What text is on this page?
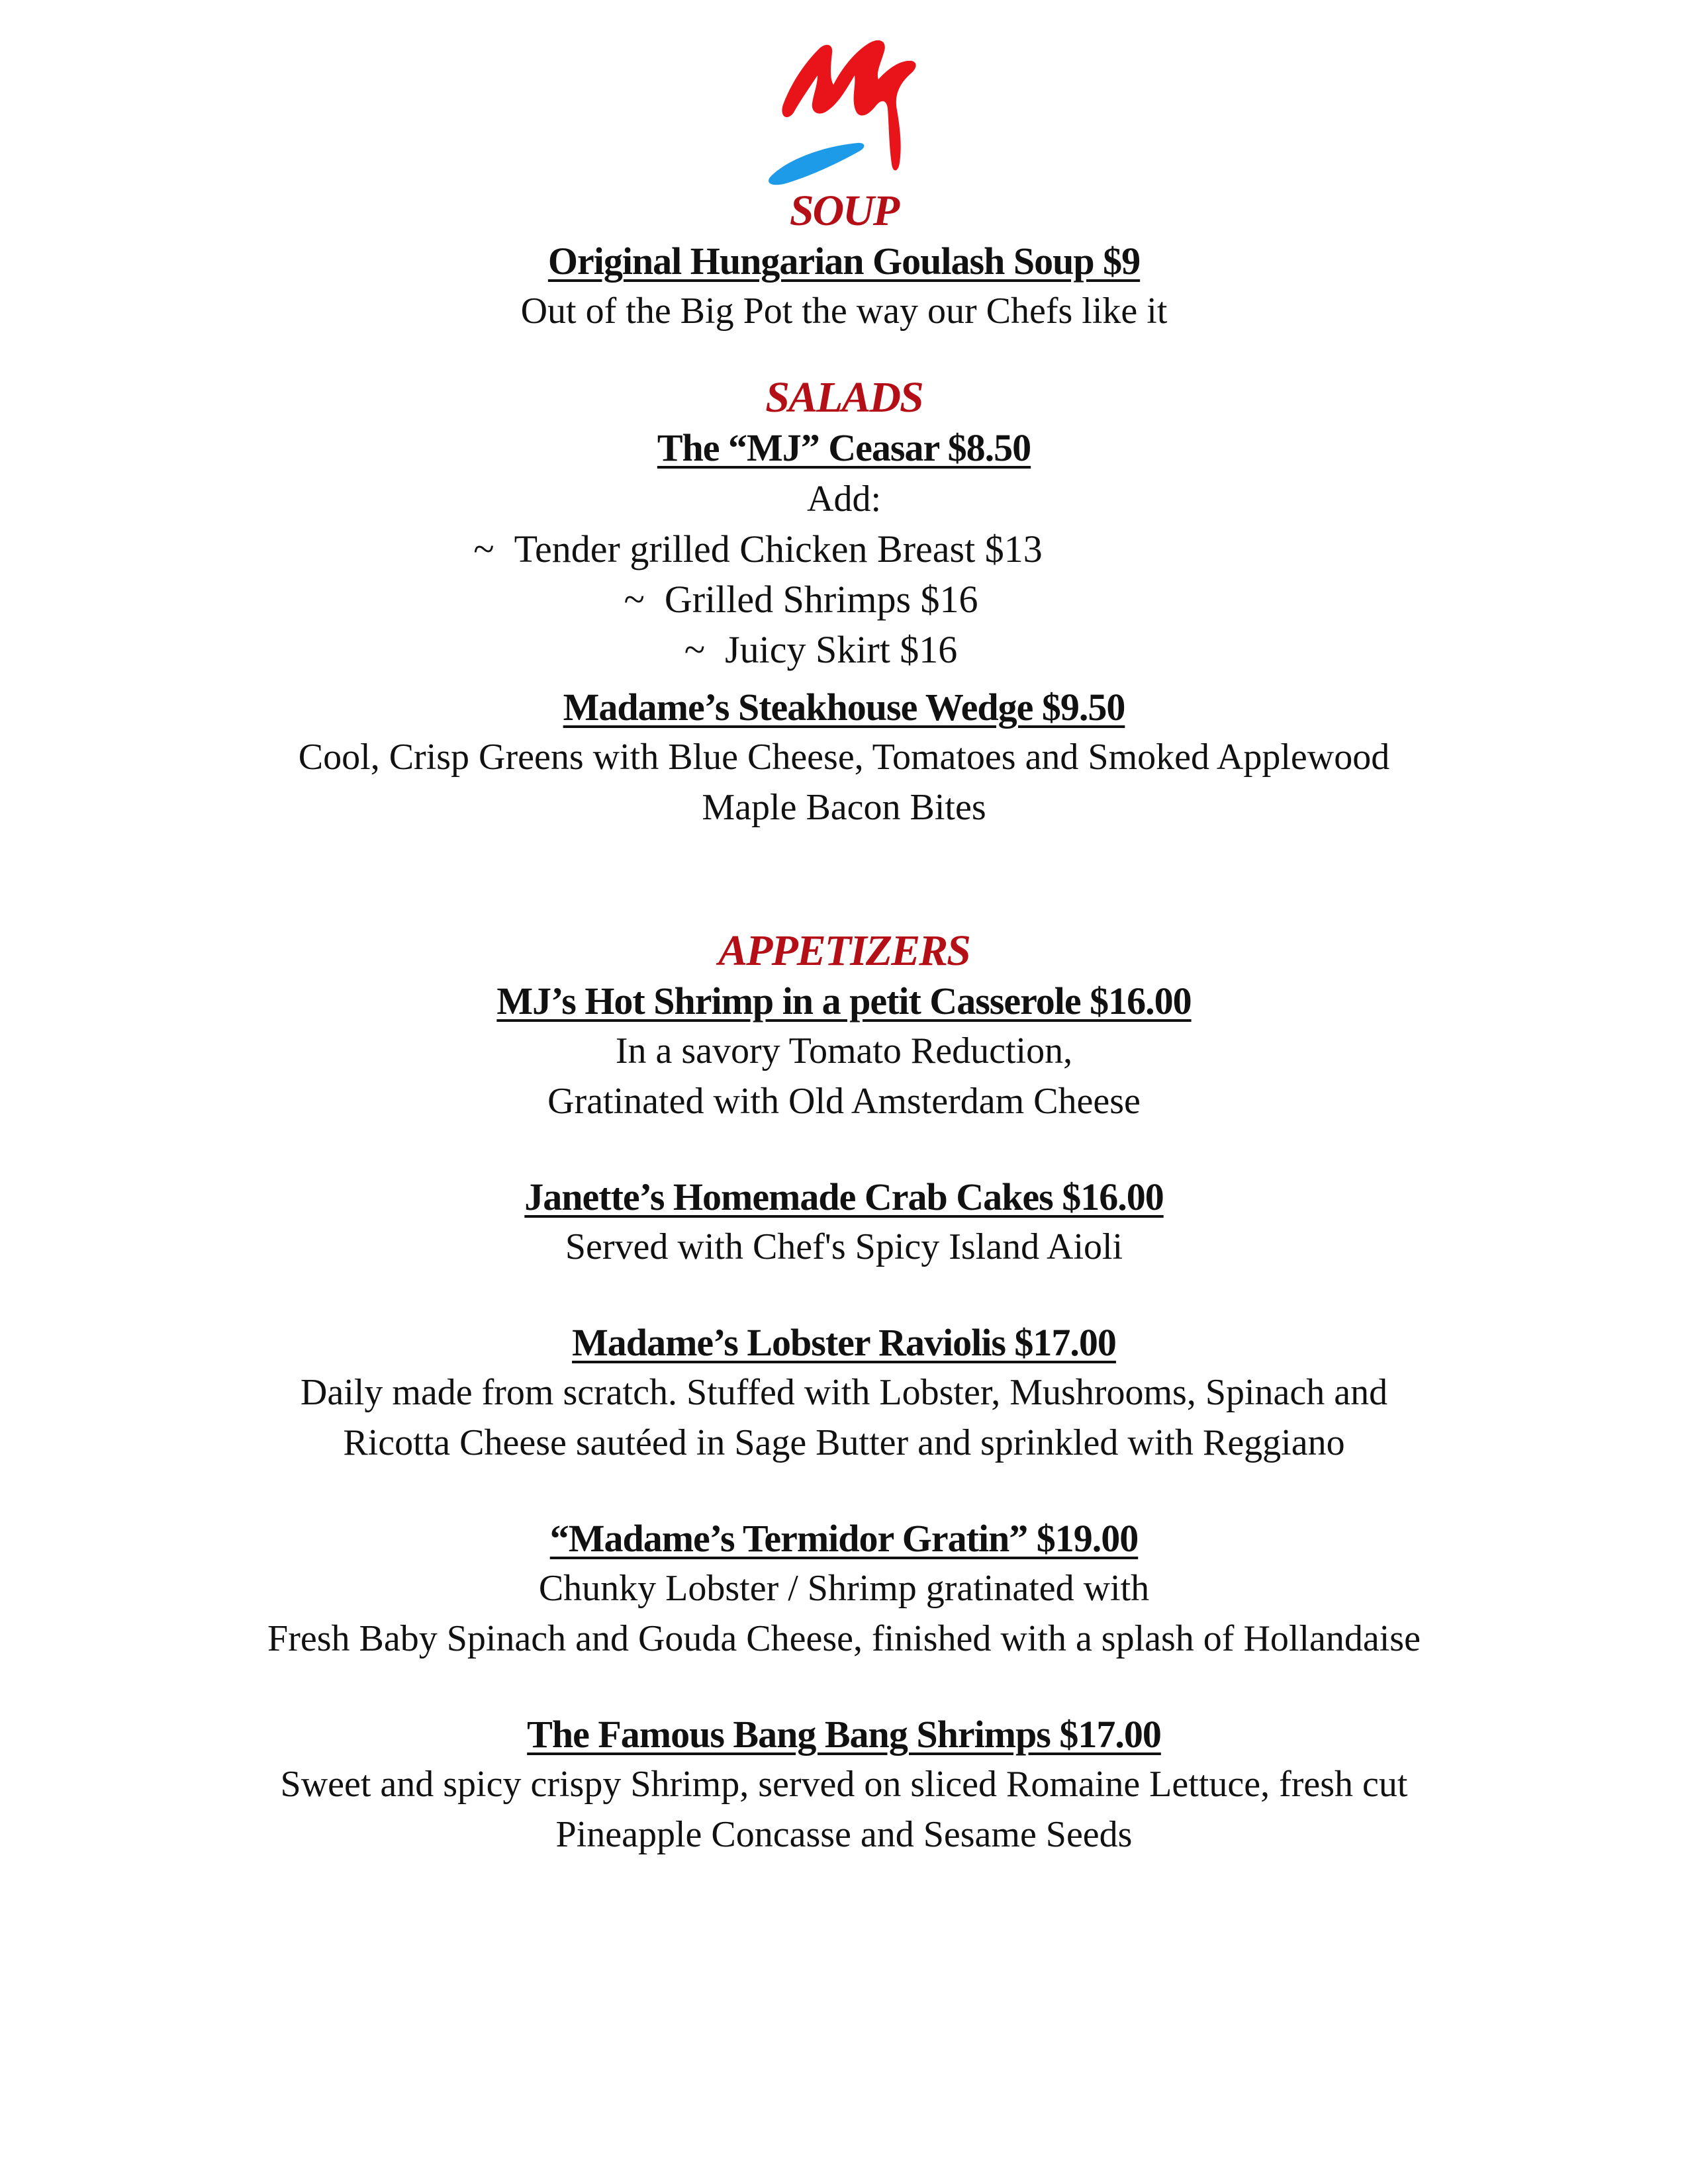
SOUP

Original Hungarian Goulash Soup $9

Out of the Big Pot the way our Chefs like it

SALADS

The “MJ” Ceasar $8.50

Add:

~ Tender grilled Chicken Breast $13

~ Grilled Shrimps $16

~ Juicy Skirt $16

Madame’s Steakhouse Wedge $9.50

Cool, Crisp Greens with Blue Cheese, Tomatoes and Smoked Applewood

Maple Bacon Bites

APPETIZERS

MJ’s Hot Shrimp in a petit Casserole $16.00

In a savory Tomato Reduction,

Gratinated with Old Amsterdam Cheese

Janette’s Homemade Crab Cakes $16.00

Served with Chef's Spicy Island Aioli

Madame’s Lobster Raviolis $17.00

Daily made from scratch. Stuffed with Lobster, Mushrooms, Spinach and

Ricotta Cheese sautéed in Sage Butter and sprinkled with Reggiano

“Madame’s Termidor Gratin” $19.00

Chunky Lobster / Shrimp gratinated with

Fresh Baby Spinach and Gouda Cheese, finished with a splash of Hollandaise

The Famous Bang Bang Shrimps $17.00

Sweet and spicy crispy Shrimp, served on sliced Romaine Lettuce, fresh cut

Pineapple Concasse and Sesame Seeds
